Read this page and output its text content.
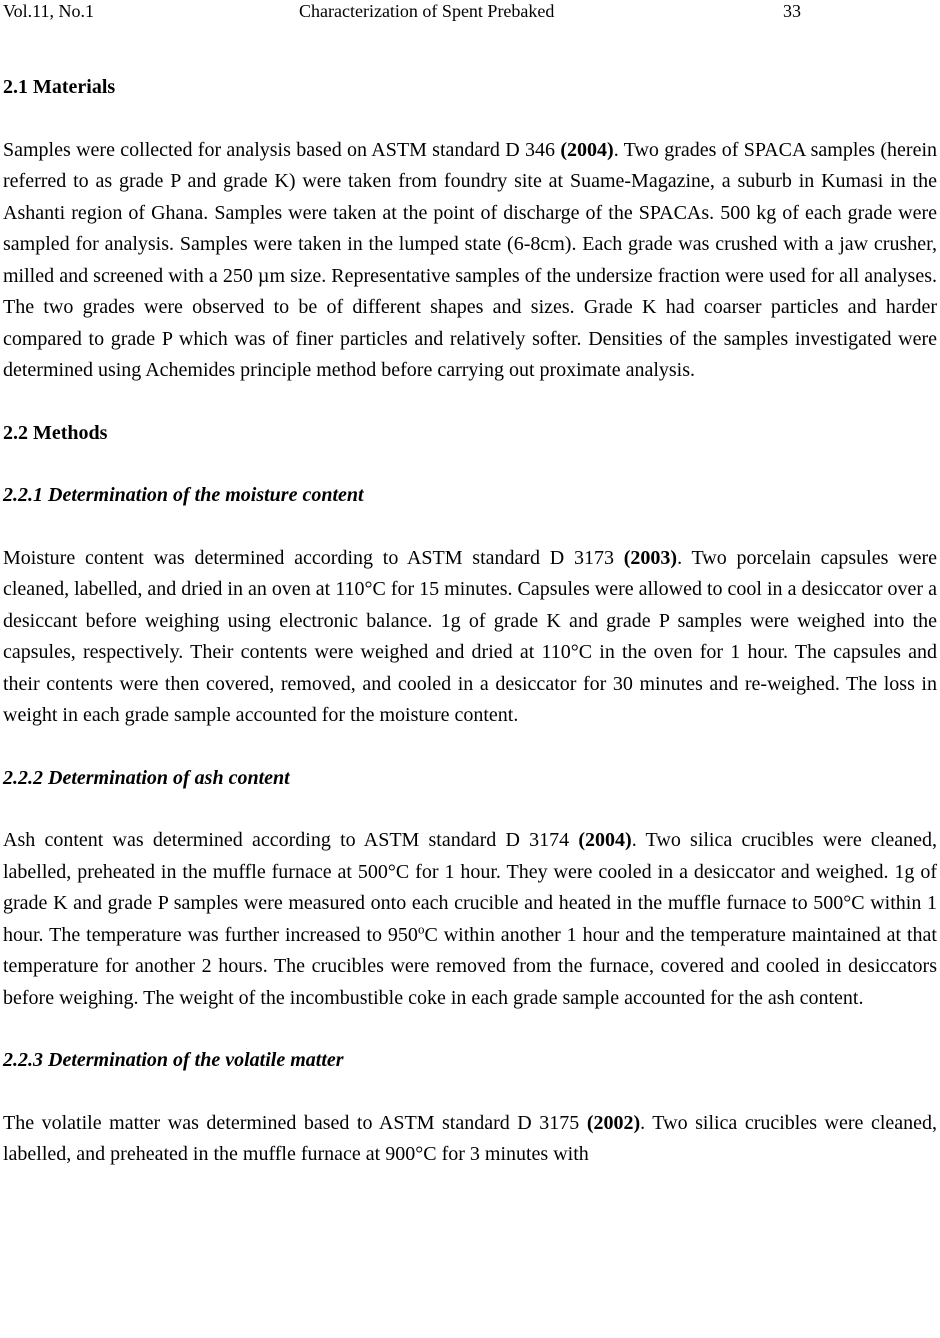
Vol.11, No.1	Characterization of Spent Prebaked	33

2.1 Materials

Samples were collected for analysis based on ASTM standard D 346 (2004). Two grades of SPACA samples (herein referred to as grade P and grade K) were taken from foundry site at Suame-Magazine, a suburb in Kumasi in the Ashanti region of Ghana. Samples were taken at the point of discharge of the SPACAs. 500 kg of each grade were sampled for analysis. Samples were taken in the lumped state (6-8cm). Each grade was crushed with a jaw crusher, milled and screened with a 250 µm size. Representative samples of the undersize fraction were used for all analyses. The two grades were observed to be of different shapes and sizes. Grade K had coarser particles and harder compared to grade P which was of finer particles and relatively softer. Densities of the samples investigated were determined using Achemides principle method before carrying out proximate analysis.

2.2 Methods

2.2.1 Determination of the moisture content

Moisture content was determined according to ASTM standard D 3173 (2003). Two porcelain capsules were cleaned, labelled, and dried in an oven at 110°C for 15 minutes. Capsules were allowed to cool in a desiccator over a desiccant before weighing using electronic balance. 1g of grade K and grade P samples were weighed into the capsules, respectively. Their contents were weighed and dried at 110°C in the oven for 1 hour. The capsules and their contents were then covered, removed, and cooled in a desiccator for 30 minutes and re-weighed. The loss in weight in each grade sample accounted for the moisture content.

2.2.2 Determination of ash content

Ash content was determined according to ASTM standard D 3174 (2004). Two silica crucibles were cleaned, labelled, preheated in the muffle furnace at 500°C for 1 hour. They were cooled in a desiccator and weighed. 1g of grade K and grade P samples were measured onto each crucible and heated in the muffle furnace to 500°C within 1 hour. The temperature was further increased to 950$^o$C within another 1 hour and the temperature maintained at that temperature for another 2 hours. The crucibles were removed from the furnace, covered and cooled in desiccators before weighing. The weight of the incombustible coke in each grade sample accounted for the ash content.

2.2.3 Determination of the volatile matter

The volatile matter was determined based to ASTM standard D 3175 (2002). Two silica crucibles were cleaned, labelled, and preheated in the muffle furnace at 900°C for 3 minutes with
